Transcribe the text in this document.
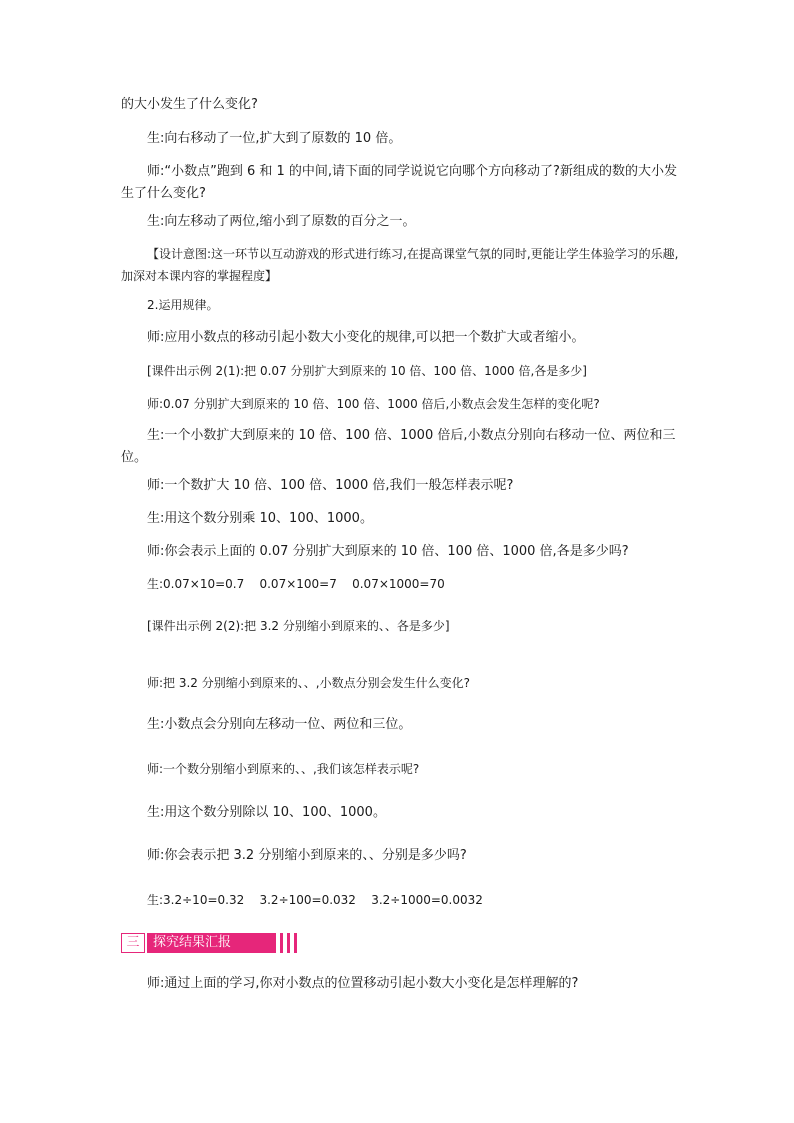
的大小发生了什么变化?

生:向右移动了一位,扩大到了原数的 10 倍。

师:“小数点”跑到 6 和 1 的中间,请下面的同学说说它向哪个方向移动了?新组成的数的大小发生了什么变化?

生:向左移动了两位,缩小到了原数的百分之一。

【设计意图:这一环节以互动游戏的形式进行练习,在提高课堂气氛的同时,更能让学生体验学习的乐趣,加深对本课内容的掌握程度】

2.运用规律。

师:应用小数点的移动引起小数大小变化的规律,可以把一个数扩大或者缩小。

[课件出示例 2(1):把 0.07 分别扩大到原来的 10 倍、100 倍、1000 倍,各是多少]

师:0.07 分别扩大到原来的 10 倍、100 倍、1000 倍后,小数点会发生怎样的变化呢?

生:一个小数扩大到原来的 10 倍、100 倍、1000 倍后,小数点分别向右移动一位、两位和三位。

师:一个数扩大 10 倍、100 倍、1000 倍,我们一般怎样表示呢?

生:用这个数分别乘 10、100、1000。

师:你会表示上面的 0.07 分别扩大到原来的 10 倍、100 倍、1000 倍,各是多少吗?

生:0.07×10=0.7    0.07×100=7    0.07×1000=70

[课件出示例 2(2):把 3.2 分别缩小到原来的、、各是多少]

师:把 3.2 分别缩小到原来的、、,小数点分别会发生什么变化?

生:小数点会分别向左移动一位、两位和三位。

师:一个数分别缩小到原来的、、,我们该怎样表示呢?

生:用这个数分别除以 10、100、1000。

师:你会表示把 3.2 分别缩小到原来的、、分别是多少吗?

生:3.2÷10=0.32    3.2÷100=0.032    3.2÷1000=0.0032

三	探究结果汇报

师:通过上面的学习,你对小数点的位置移动引起小数大小变化是怎样理解的?
